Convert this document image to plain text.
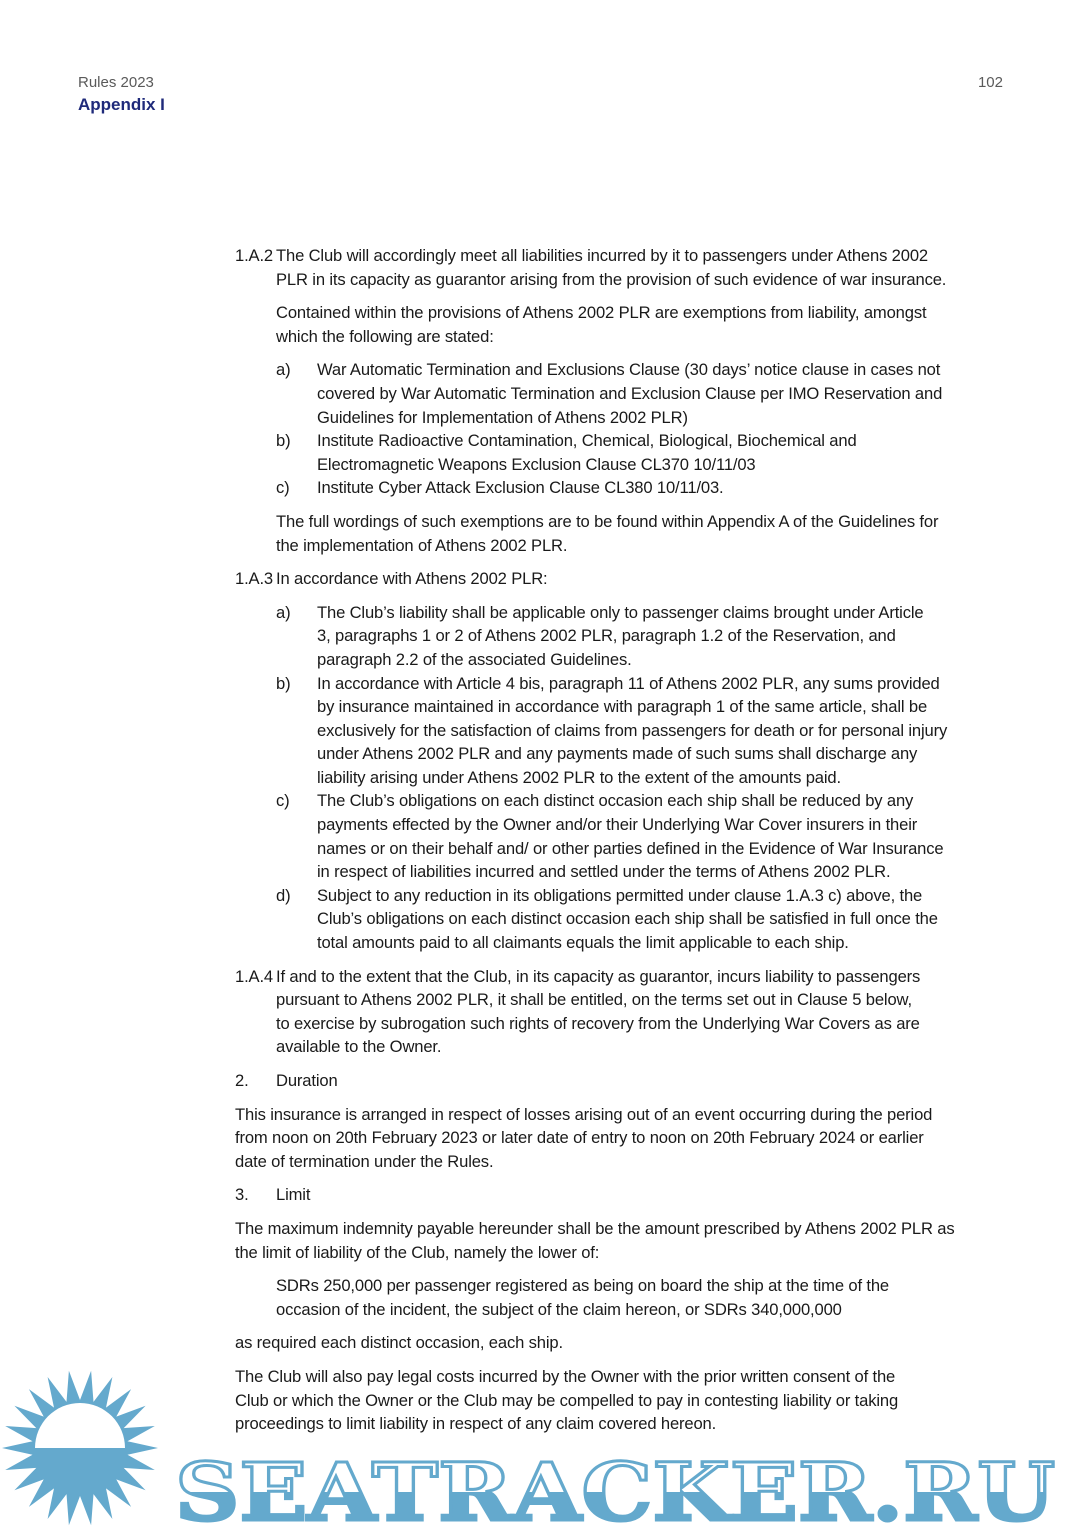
Rules 2023
Appendix I
102
1.A.2 The Club will accordingly meet all liabilities incurred by it to passengers under Athens 2002
PLR in its capacity as guarantor arising from the provision of such evidence of war insurance.
Contained within the provisions of Athens 2002 PLR are exemptions from liability, amongst
which the following are stated:
a) War Automatic Termination and Exclusions Clause (30 days’ notice clause in cases not
covered by War Automatic Termination and Exclusion Clause per IMO Reservation and
Guidelines for Implementation of Athens 2002 PLR)
b) Institute Radioactive Contamination, Chemical, Biological, Biochemical and
Electromagnetic Weapons Exclusion Clause CL370 10/11/03
c) Institute Cyber Attack Exclusion Clause CL380 10/11/03.
The full wordings of such exemptions are to be found within Appendix A of the Guidelines for
the implementation of Athens 2002 PLR.
1.A.3 In accordance with Athens 2002 PLR:
a) The Club’s liability shall be applicable only to passenger claims brought under Article
3, paragraphs 1 or 2 of Athens 2002 PLR, paragraph 1.2 of the Reservation, and
paragraph 2.2 of the associated Guidelines.
b) In accordance with Article 4 bis, paragraph 11 of Athens 2002 PLR, any sums provided
by insurance maintained in accordance with paragraph 1 of the same article, shall be
exclusively for the satisfaction of claims from passengers for death or for personal injury
under Athens 2002 PLR and any payments made of such sums shall discharge any
liability arising under Athens 2002 PLR to the extent of the amounts paid.
c) The Club’s obligations on each distinct occasion each ship shall be reduced by any
payments effected by the Owner and/or their Underlying War Cover insurers in their
names or on their behalf and/ or other parties defined in the Evidence of War Insurance
in respect of liabilities incurred and settled under the terms of Athens 2002 PLR.
d) Subject to any reduction in its obligations permitted under clause 1.A.3 c) above, the
Club’s obligations on each distinct occasion each ship shall be satisfied in full once the
total amounts paid to all claimants equals the limit applicable to each ship.
1.A.4 If and to the extent that the Club, in its capacity as guarantor, incurs liability to passengers
pursuant to Athens 2002 PLR, it shall be entitled, on the terms set out in Clause 5 below,
to exercise by subrogation such rights of recovery from the Underlying War Covers as are
available to the Owner.
2. Duration
This insurance is arranged in respect of losses arising out of an event occurring during the period
from noon on 20th February 2023 or later date of entry to noon on 20th February 2024 or earlier
date of termination under the Rules.
3. Limit
The maximum indemnity payable hereunder shall be the amount prescribed by Athens 2002 PLR as
the limit of liability of the Club, namely the lower of:
SDRs 250,000 per passenger registered as being on board the ship at the time of the
occasion of the incident, the subject of the claim hereon, or SDRs 340,000,000
as required each distinct occasion, each ship.
The Club will also pay legal costs incurred by the Owner with the prior written consent of the
Club or which the Owner or the Club may be compelled to pay in contesting liability or taking
proceedings to limit liability in respect of any claim covered hereon.
SEATRACKER.RU
